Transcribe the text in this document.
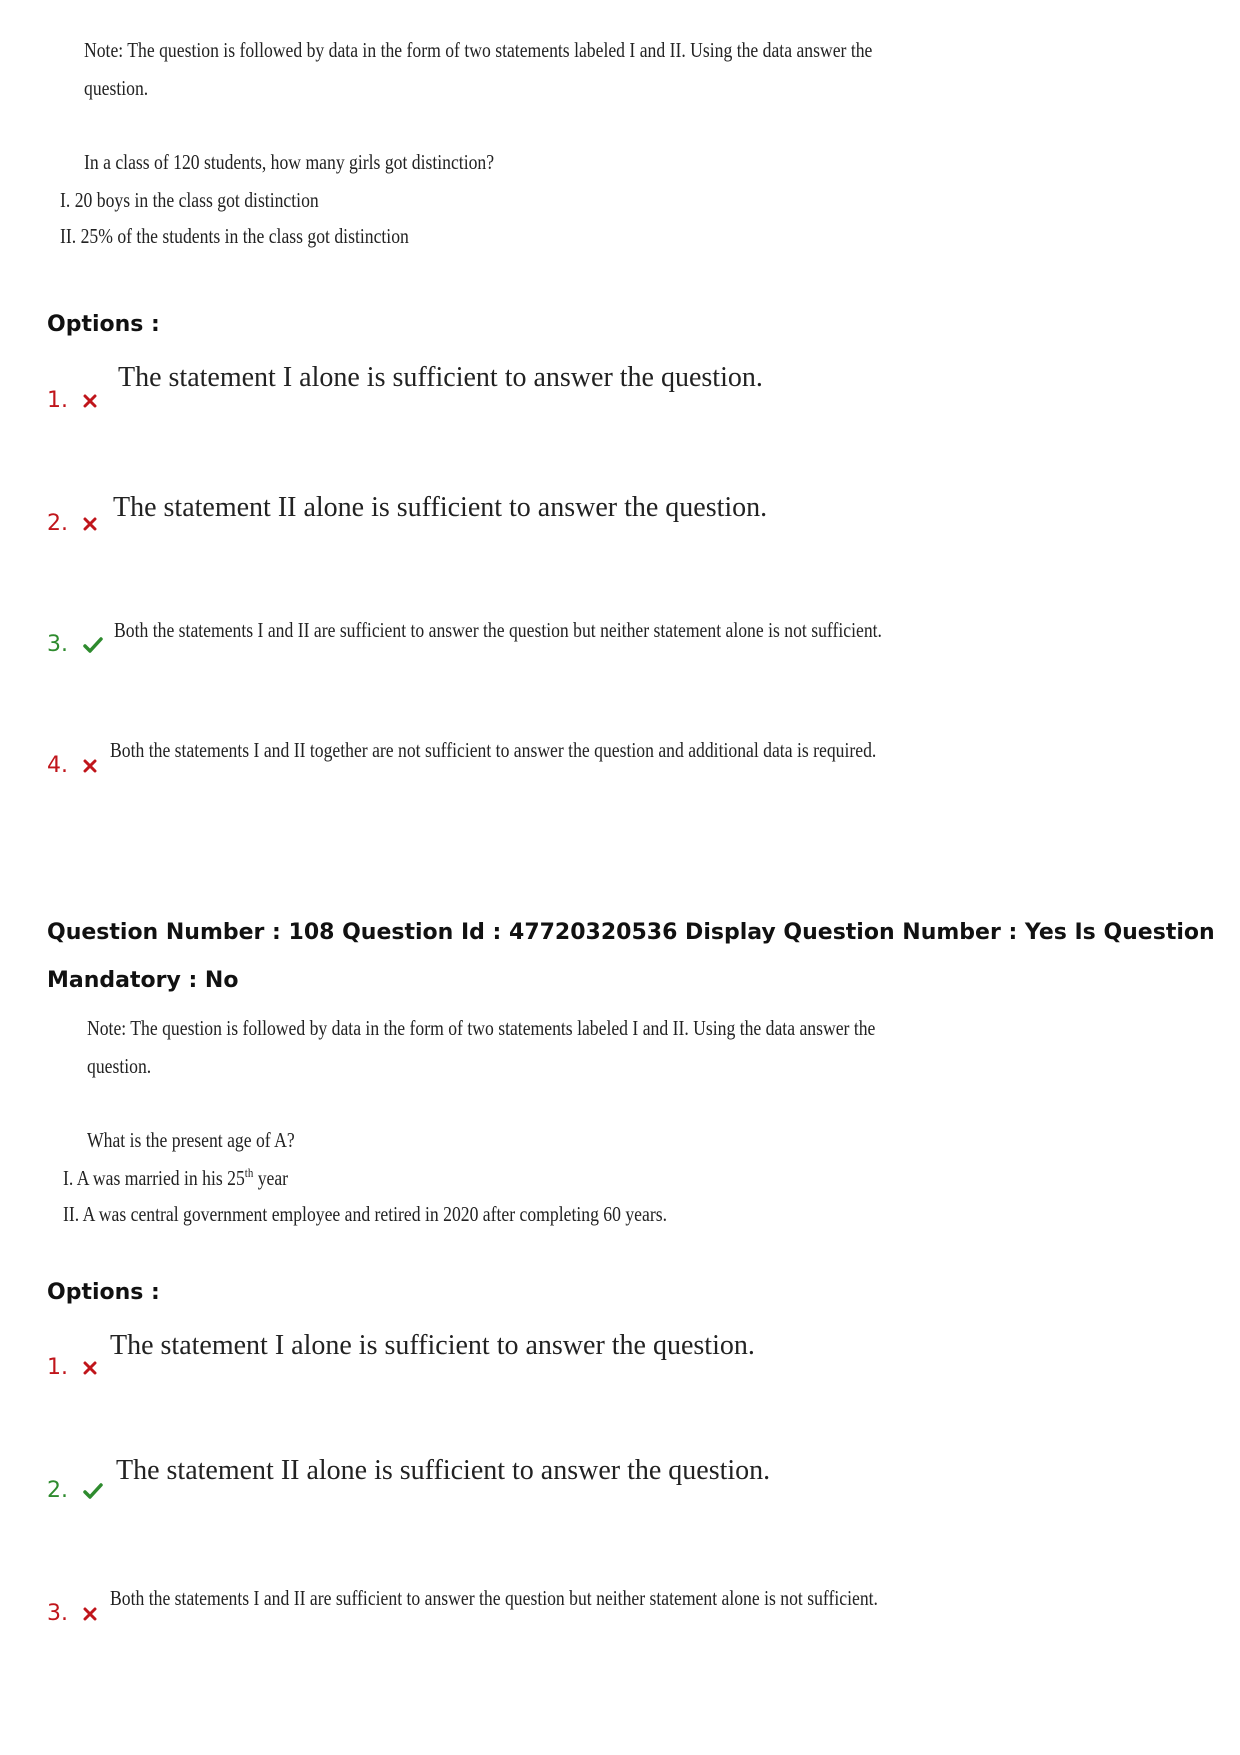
Note: The question is followed by data in the form of two statements labeled I and II. Using the data answer the
question.
In a class of 120 students, how many girls got distinction?
I. 20 boys in the class got distinction
II. 25% of the students in the class got distinction
Options :
1.
The statement I alone is sufficient to answer the question.
2.
The statement II alone is sufficient to answer the question.
3.
Both the statements I and II are sufficient to answer the question but neither statement alone is not sufficient.
4.
Both the statements I and II together are not sufficient to answer the question and additional data is required.
Question Number : 108 Question Id : 47720320536 Display Question Number : Yes Is Question
Mandatory : No
Note: The question is followed by data in the form of two statements labeled I and II. Using the data answer the
question.
What is the present age of A?
I. A was married in his 25th year
II. A was central government employee and retired in 2020 after completing 60 years.
Options :
1.
The statement I alone is sufficient to answer the question.
2.
The statement II alone is sufficient to answer the question.
3.
Both the statements I and II are sufficient to answer the question but neither statement alone is not sufficient.
